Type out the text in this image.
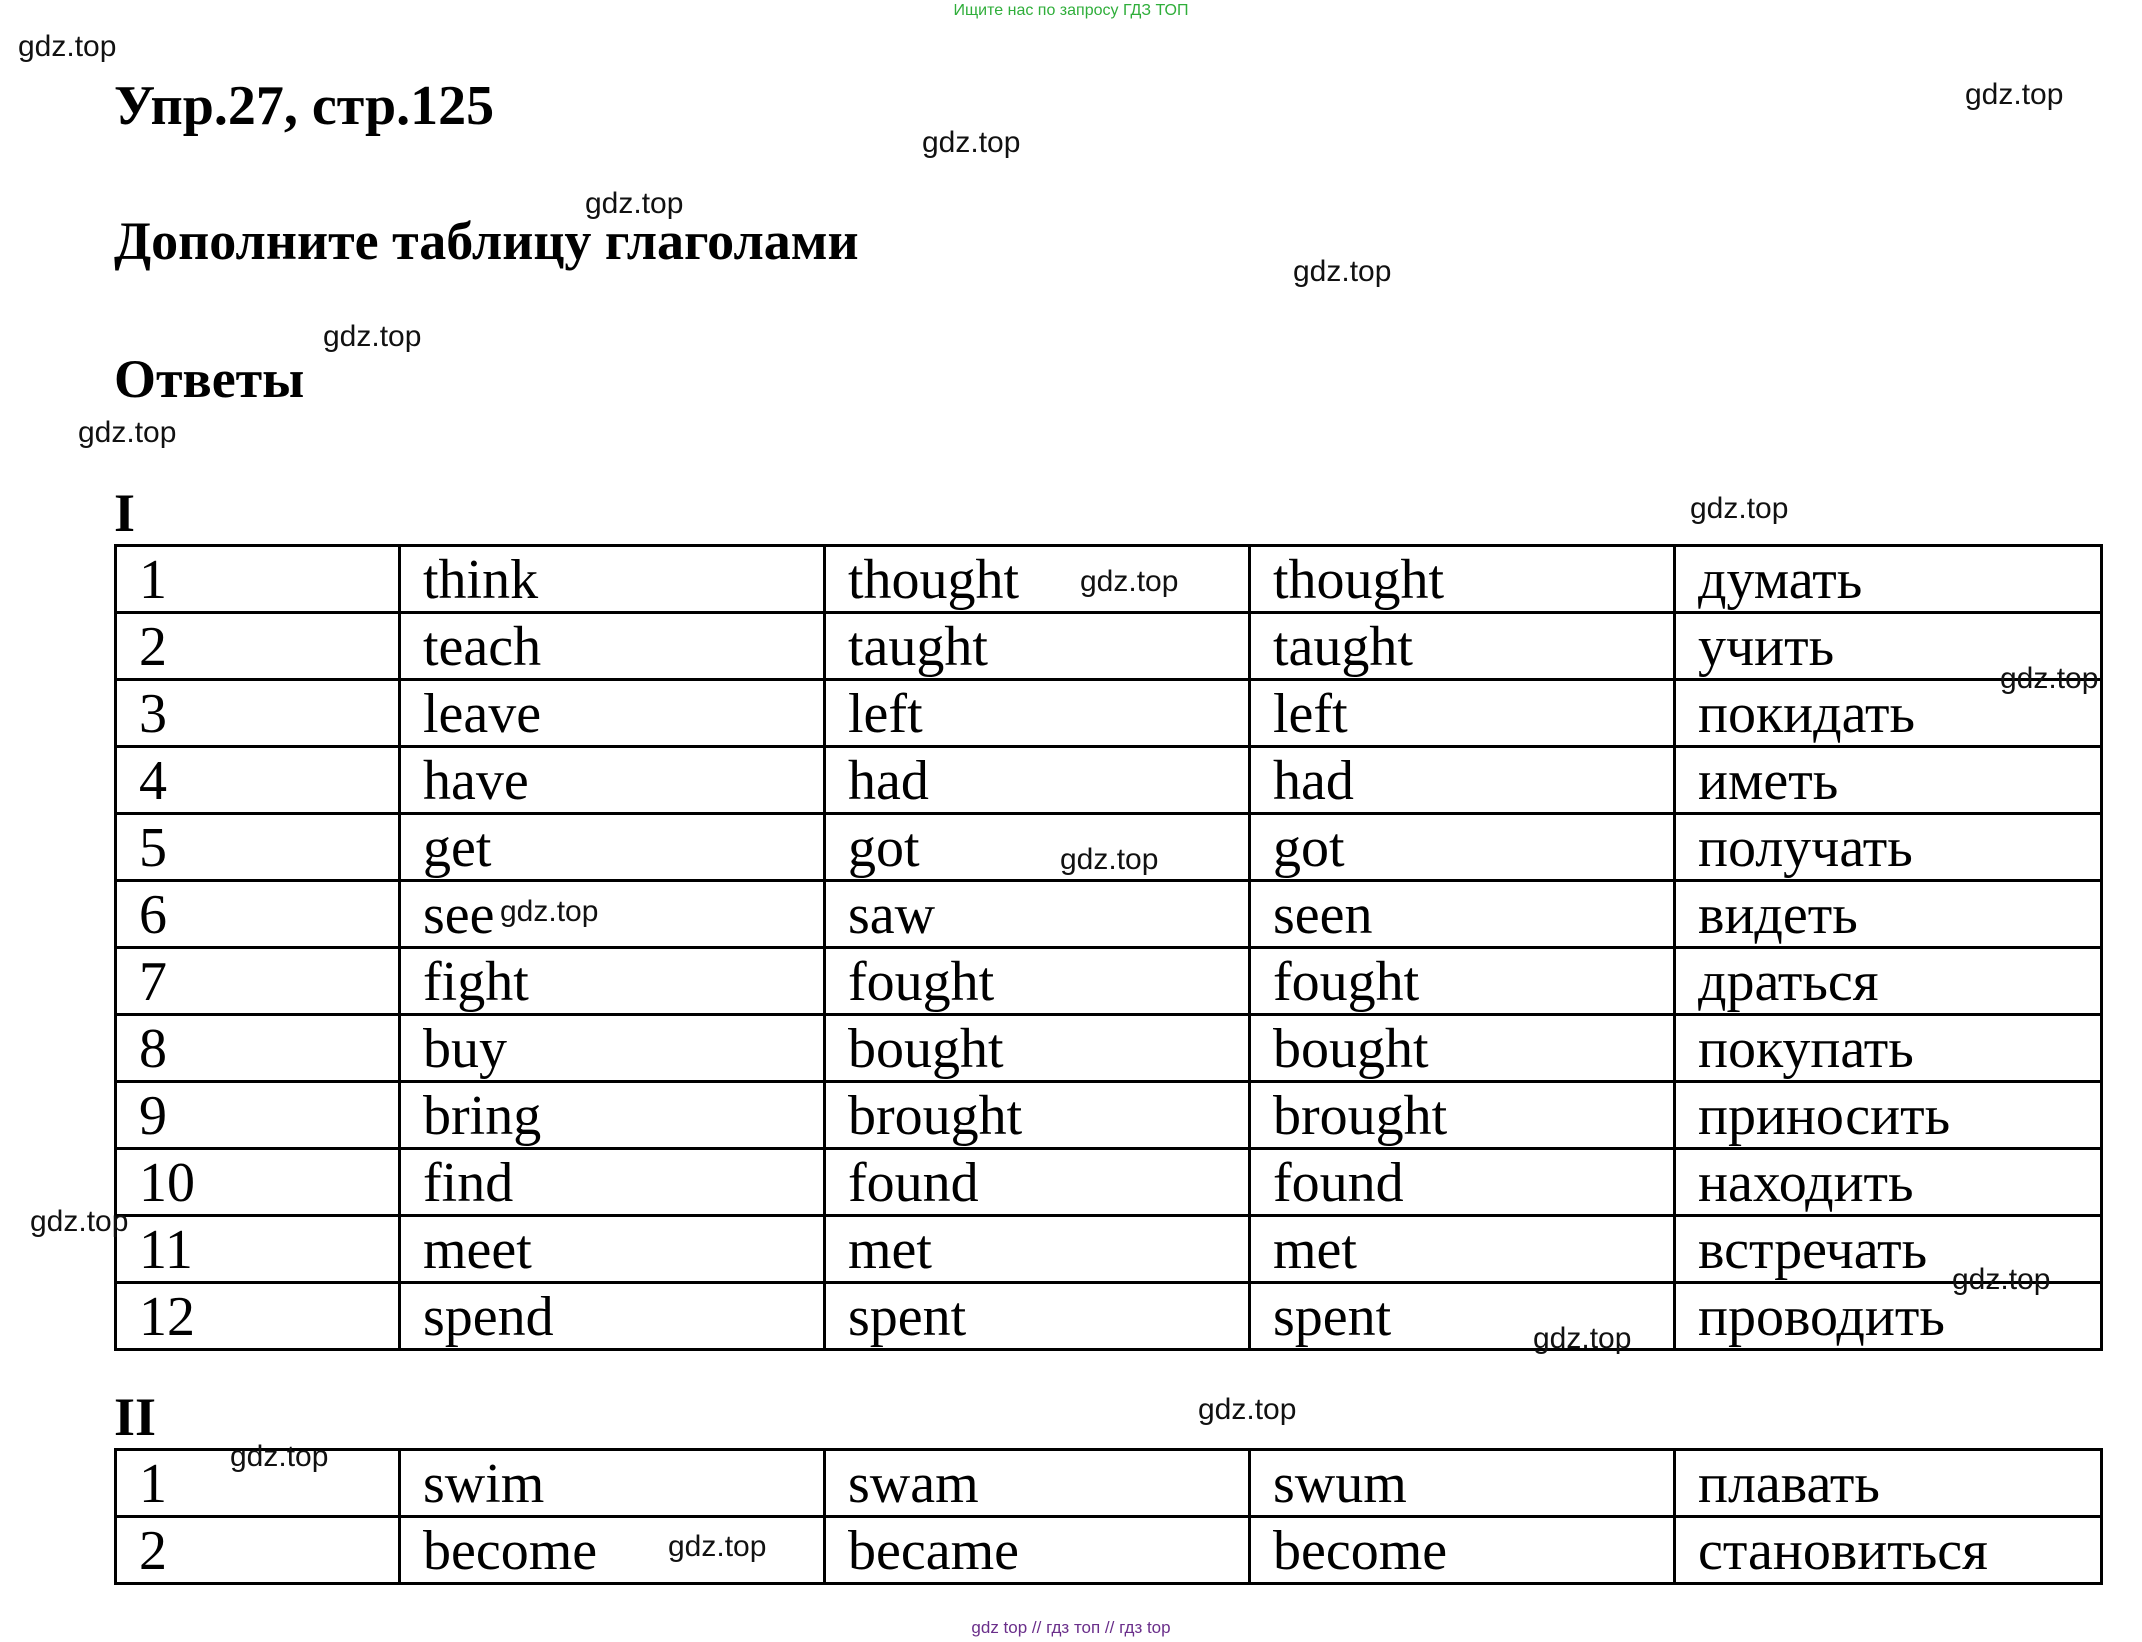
Ищите нас по запросу ГДЗ ТОП
Упр.27, стр.125
Дополните таблицу глаголами
Ответы
I
1	think	thought	thought	думать
2	teach	taught	taught	учить
3	leave	left	left	покидать
4	have	had	had	иметь
5	get	got	got	получать
6	see	saw	seen	видеть
7	fight	fought	fought	драться
8	buy	bought	bought	покупать
9	bring	brought	brought	приносить
10	find	found	found	находить
11	meet	met	met	встречать
12	spend	spent	spent	проводить
II
1	swim	swam	swum	плавать
2	become	became	become	становиться
gdz.top
gdz.top
gdz.top
gdz.top
gdz.top
gdz.top
gdz.top
gdz.top
gdz.top
gdz.top
gdz.top
gdz.top
gdz.top
gdz.top
gdz.top
gdz.top
gdz.top
gdz.top
gdz top // гдз топ // гдз top
